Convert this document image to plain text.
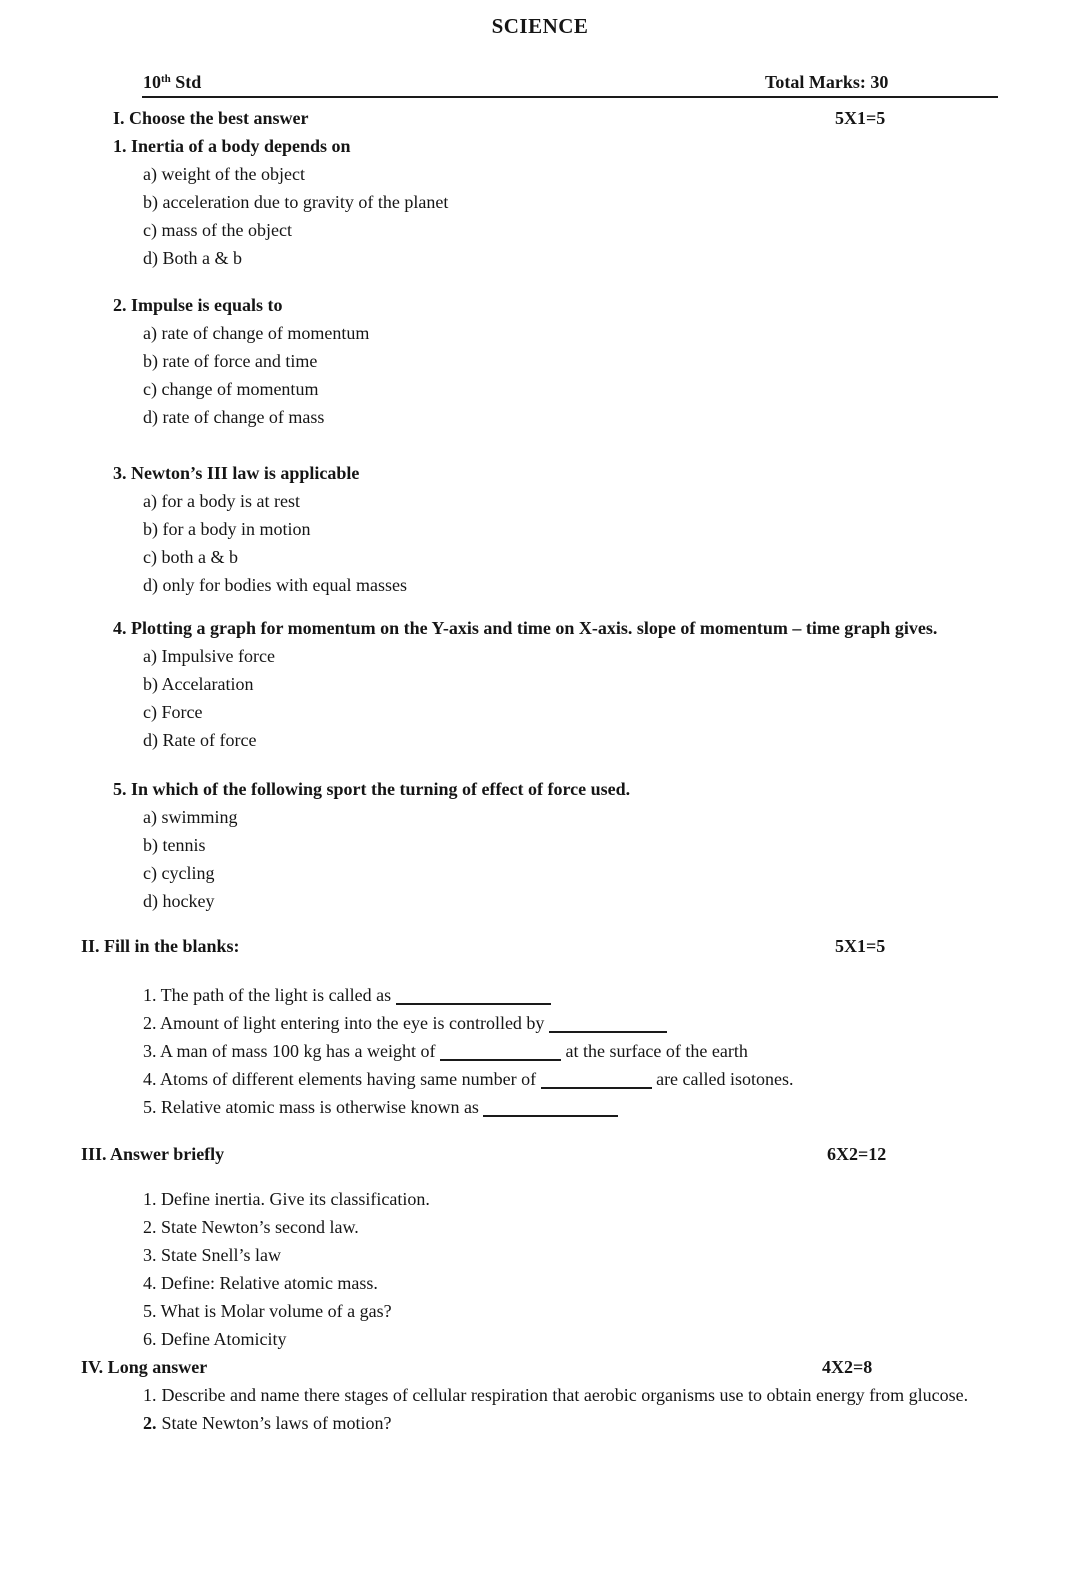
SCIENCE
10th Std	Total Marks: 30
I. Choose the best answer	5X1=5
1. Inertia of a body depends on
a) weight of the object
b) acceleration due to gravity of the planet
c) mass of the object
d) Both a & b
2. Impulse is equals to
a) rate of change of momentum
b) rate of force and time
c) change of momentum
d) rate of change of mass
3. Newton’s III law is applicable
a) for a body is at rest
b) for a body in motion
c) both a & b
d) only for bodies with equal masses
4. Plotting a graph for momentum on the Y-axis and time on X-axis. slope of momentum – time graph gives.
a) Impulsive force
b) Accelaration
c) Force
d) Rate of force
5. In which of the following sport the turning of effect of force used.
a) swimming
b) tennis
c) cycling
d) hockey
II. Fill in the blanks:	5X1=5
1. The path of the light is called as
2. Amount of light entering into the eye is controlled by
3. A man of mass 100 kg has a weight of	at the surface of the earth
4. Atoms of different elements having same number of	are called isotones.
5. Relative atomic mass is otherwise known as
III. Answer briefly	6X2=12
1. Define inertia. Give its classification.
2. State Newton’s second law.
3. State Snell’s law
4. Define: Relative atomic mass.
5. What is Molar volume of a gas?
6. Define Atomicity
IV. Long answer	4X2=8
1. Describe and name there stages of cellular respiration that aerobic organisms use to obtain energy from glucose.
2. State Newton’s laws of motion?
